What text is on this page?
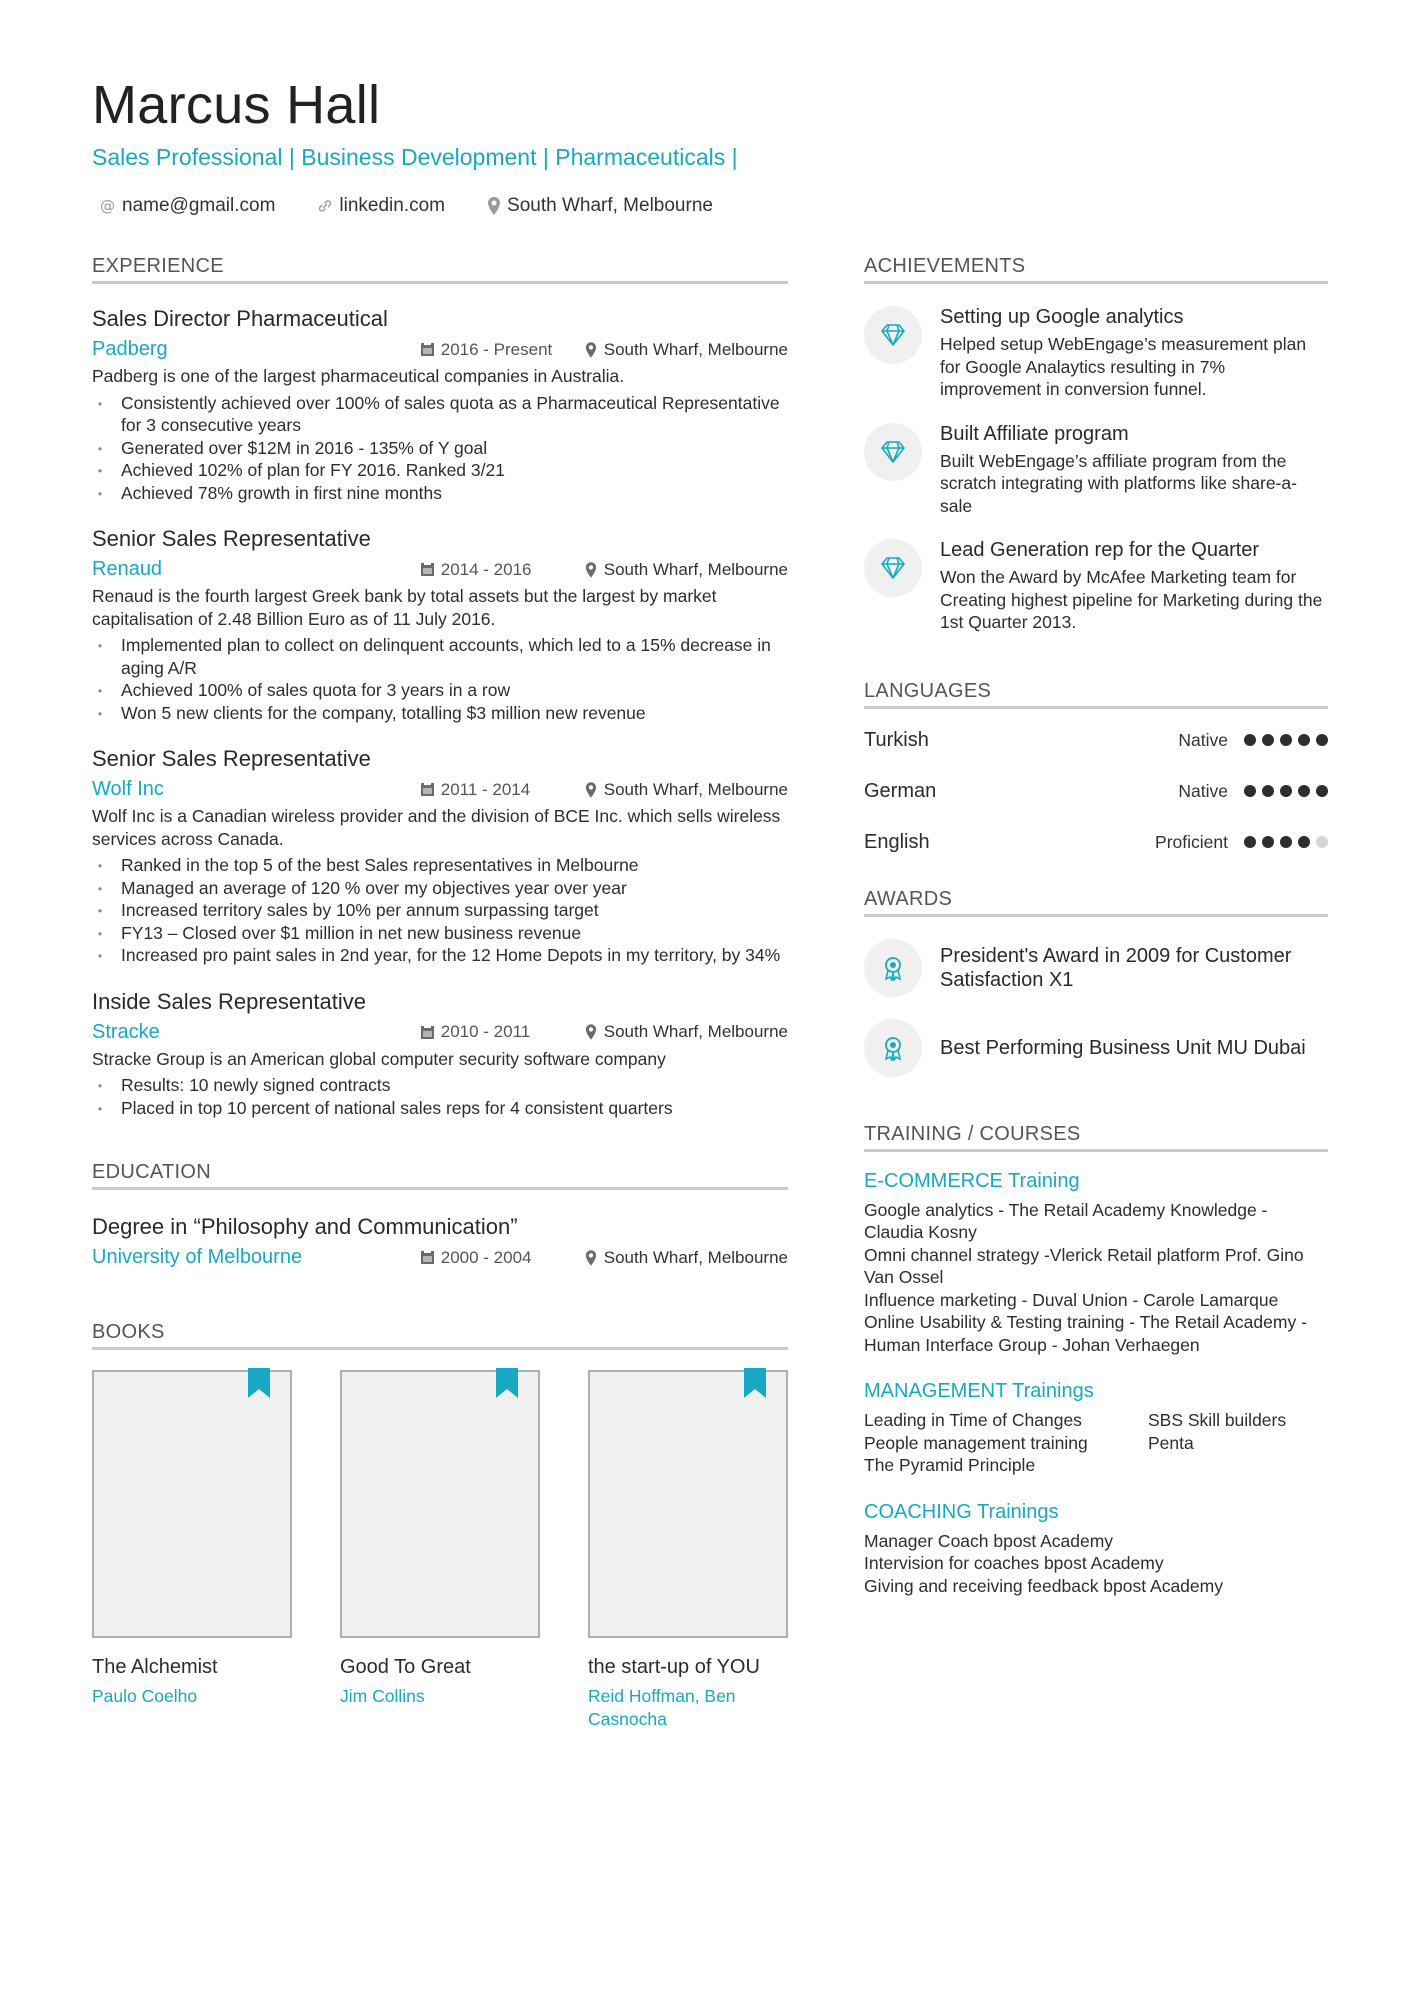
Marcus Hall
Sales Professional | Business Development | Pharmaceuticals |
@ name@gmail.com	linkedin.com	South Wharf, Melbourne
EXPERIENCE
Sales Director Pharmaceutical
Padberg	2016 - Present	South Wharf, Melbourne
Padberg is one of the largest pharmaceutical companies in Australia.
• Consistently achieved over 100% of sales quota as a Pharmaceutical Representative for 3 consecutive years
• Generated over $12M in 2016 - 135% of Y goal
• Achieved 102% of plan for FY 2016. Ranked 3/21
• Achieved 78% growth in first nine months
Senior Sales Representative
Renaud	2014 - 2016	South Wharf, Melbourne
Renaud is the fourth largest Greek bank by total assets but the largest by market capitalisation of 2.48 Billion Euro as of 11 July 2016.
• Implemented plan to collect on delinquent accounts, which led to a 15% decrease in aging A/R
• Achieved 100% of sales quota for 3 years in a row
• Won 5 new clients for the company, totalling $3 million new revenue
Senior Sales Representative
Wolf Inc	2011 - 2014	South Wharf, Melbourne
Wolf Inc is a Canadian wireless provider and the division of BCE Inc. which sells wireless services across Canada.
• Ranked in the top 5 of the best Sales representatives in Melbourne
• Managed an average of 120 % over my objectives year over year
• Increased territory sales by 10% per annum surpassing target
• FY13 – Closed over $1 million in net new business revenue
• Increased pro paint sales in 2nd year, for the 12 Home Depots in my territory, by 34%
Inside Sales Representative
Stracke	2010 - 2011	South Wharf, Melbourne
Stracke Group is an American global computer security software company
• Results: 10 newly signed contracts
• Placed in top 10 percent of national sales reps for 4 consistent quarters
EDUCATION
Degree in “Philosophy and Communication”
University of Melbourne	2000 - 2004	South Wharf, Melbourne
BOOKS
The Alchemist
Paulo Coelho
Good To Great
Jim Collins
the start-up of YOU
Reid Hoffman, Ben Casnocha
ACHIEVEMENTS
Setting up Google analytics
Helped setup WebEngage’s measurement plan for Google Analaytics resulting in 7% improvement in conversion funnel.
Built Affiliate program
Built WebEngage’s affiliate program from the scratch integrating with platforms like share-a-sale
Lead Generation rep for the Quarter
Won the Award by McAfee Marketing team for Creating highest pipeline for Marketing during the 1st Quarter 2013.
LANGUAGES
Turkish	Native
German	Native
English	Proficient
AWARDS
President's Award in 2009 for Customer Satisfaction X1
Best Performing Business Unit MU Dubai
TRAINING / COURSES
E-COMMERCE Training
Google analytics - The Retail Academy Knowledge - Claudia Kosny
Omni channel strategy -Vlerick Retail platform Prof. Gino Van Ossel
Influence marketing - Duval Union - Carole Lamarque
Online Usability & Testing training - The Retail Academy - Human Interface Group - Johan Verhaegen
MANAGEMENT Trainings
Leading in Time of Changes
People management training
The Pyramid Principle
SBS Skill builders
Penta
COACHING Trainings
Manager Coach bpost Academy
Intervision for coaches bpost Academy
Giving and receiving feedback bpost Academy
